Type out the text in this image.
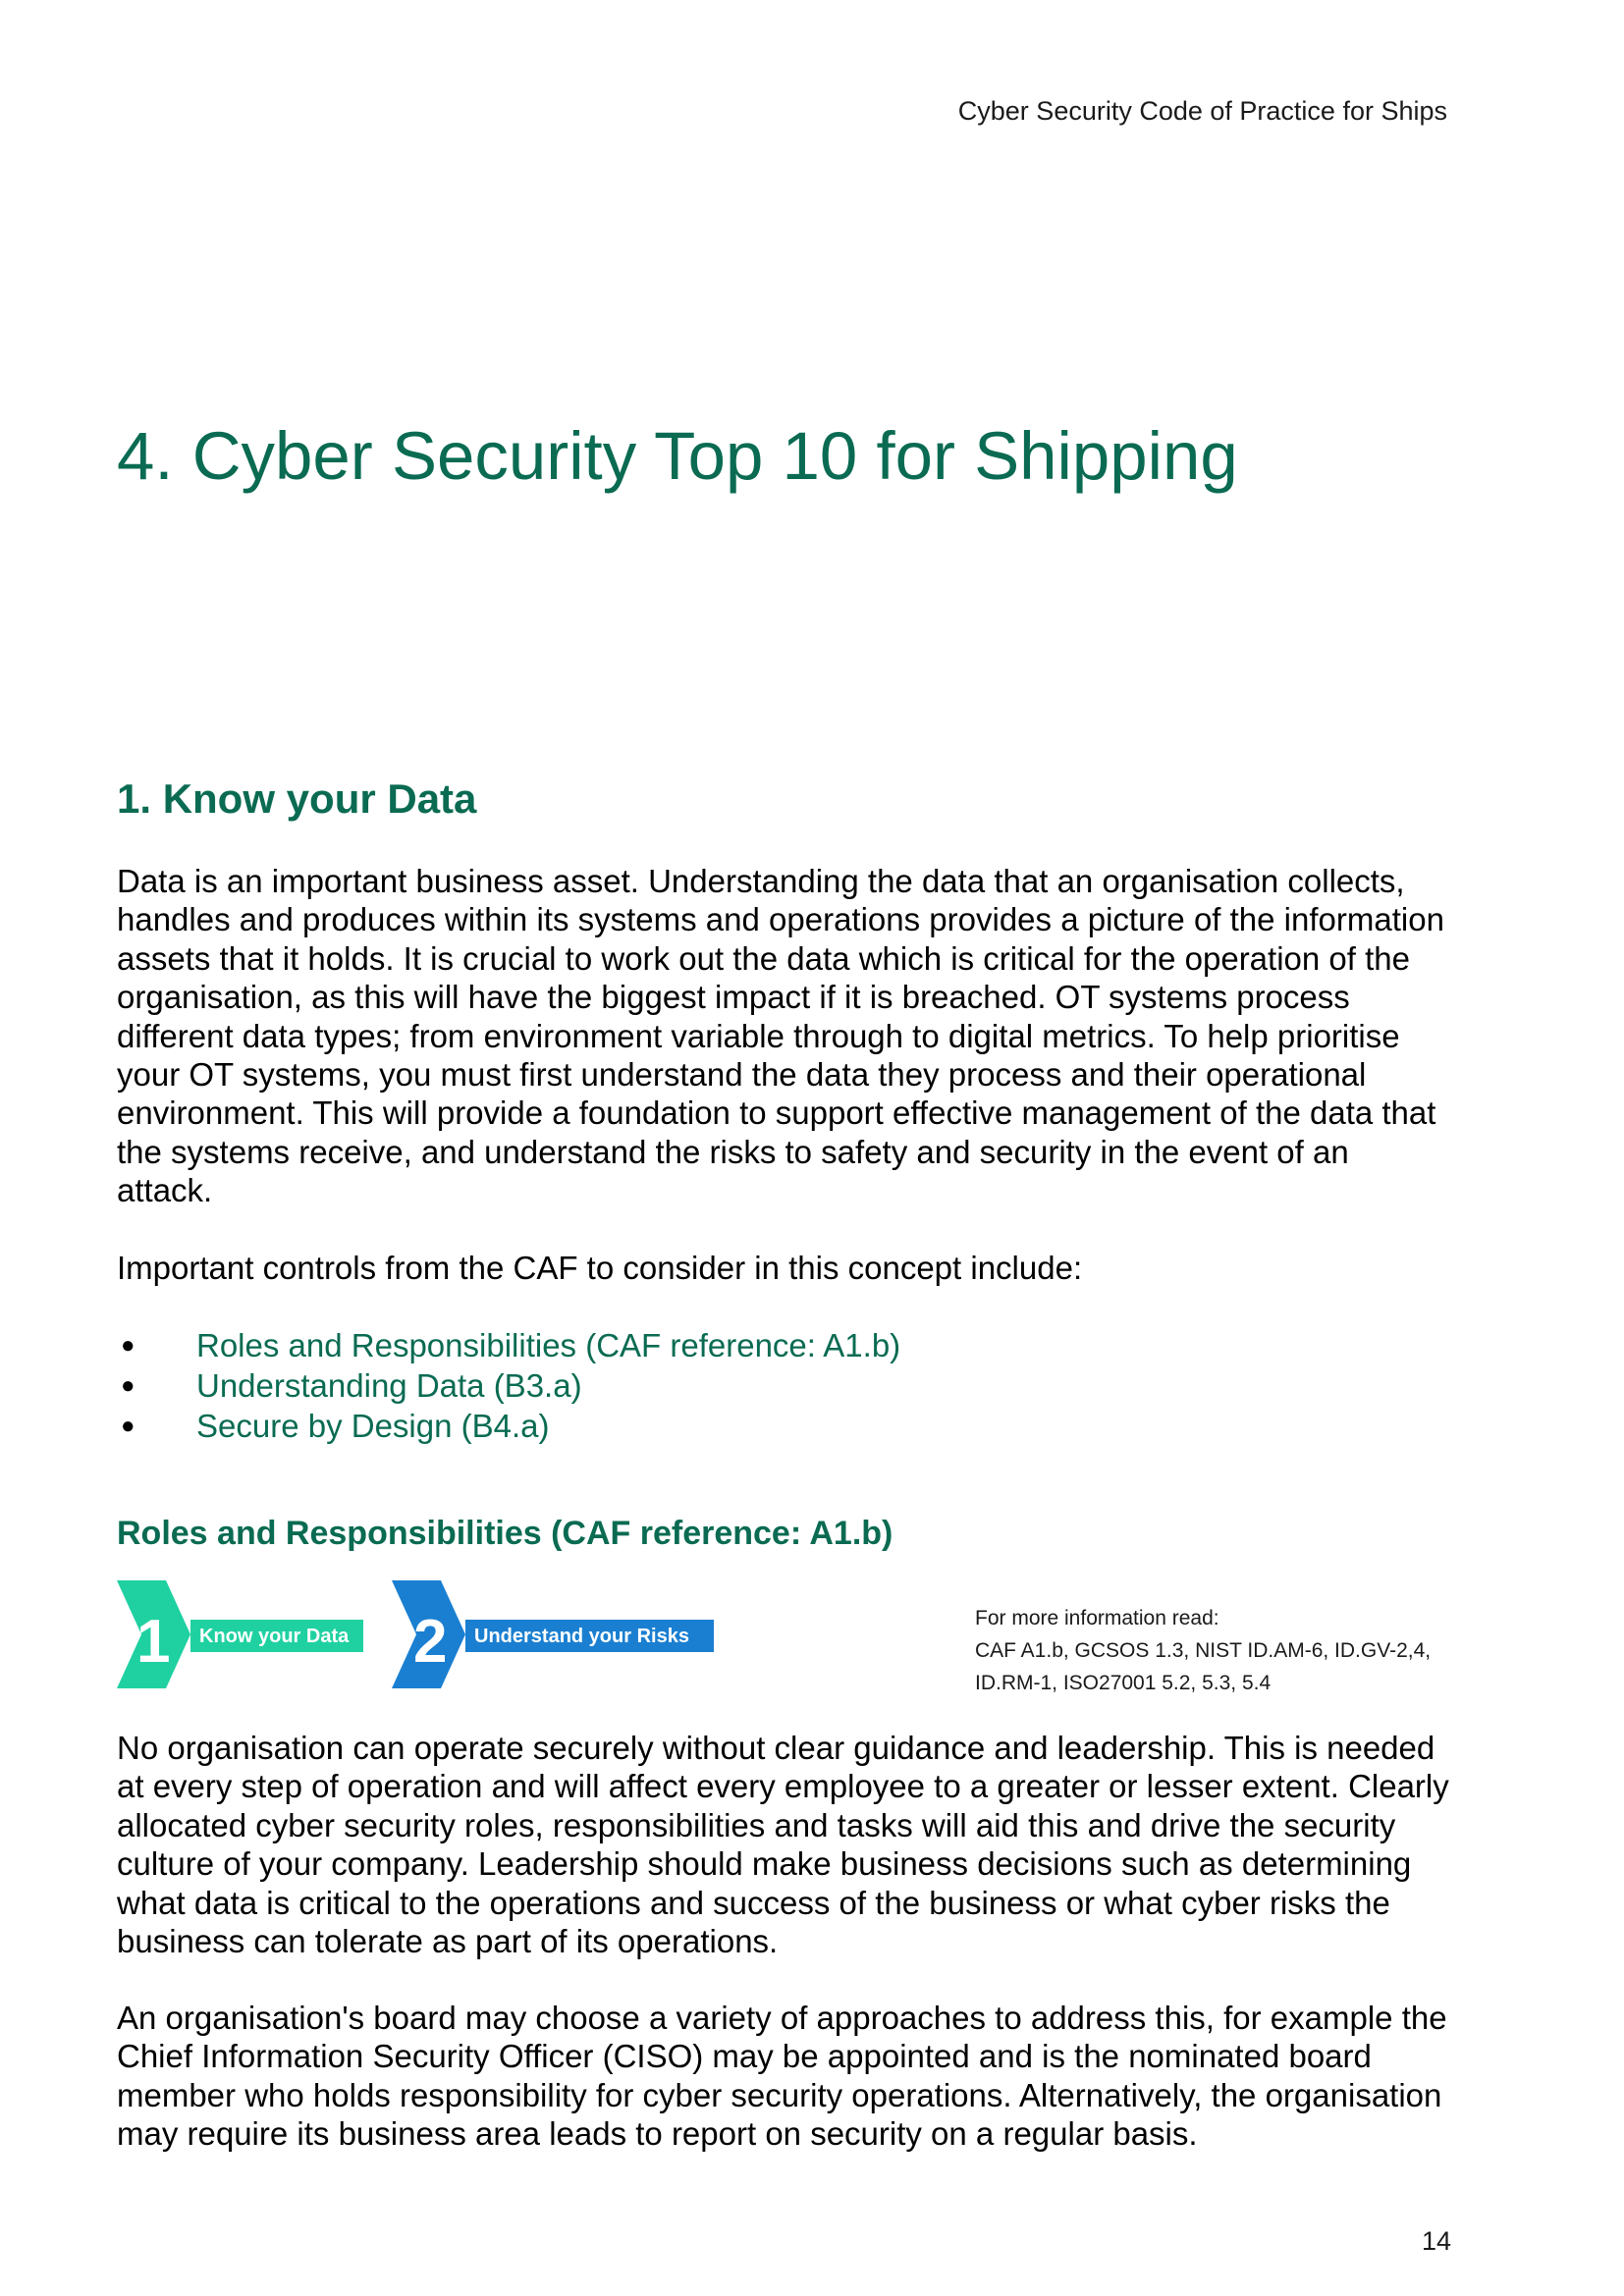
Cyber Security Code of Practice for Ships
4. Cyber Security Top 10 for Shipping
1. Know your Data

Data is an important business asset. Understanding the data that an organisation collects, handles and produces within its systems and operations provides a picture of the information assets that it holds. It is crucial to work out the data which is critical for the operation of the organisation, as this will have the biggest impact if it is breached. OT systems process different data types; from environment variable through to digital metrics. To help prioritise your OT systems, you must first understand the data they process and their operational environment. This will provide a foundation to support effective management of the data that the systems receive, and understand the risks to safety and security in the event of an attack.

Important controls from the CAF to consider in this concept include:

● Roles and Responsibilities (CAF reference: A1.b)
● Understanding Data (B3.a)
● Secure by Design (B4.a)
Roles and Responsibilities (CAF reference: A1.b)
1 Know your Data 2 Understand your Risks
For more information read:
CAF A1.b, GCSOS 1.3, NIST ID.AM-6, ID.GV-2,4, ID.RM-1, ISO27001 5.2, 5.3, 5.4

No organisation can operate securely without clear guidance and leadership. This is needed at every step of operation and will affect every employee to a greater or lesser extent. Clearly allocated cyber security roles, responsibilities and tasks will aid this and drive the security culture of your company. Leadership should make business decisions such as determining what data is critical to the operations and success of the business or what cyber risks the business can tolerate as part of its operations.

An organisation's board may choose a variety of approaches to address this, for example the Chief Information Security Officer (CISO) may be appointed and is the nominated board member who holds responsibility for cyber security operations. Alternatively, the organisation may require its business area leads to report on security on a regular basis.

14
